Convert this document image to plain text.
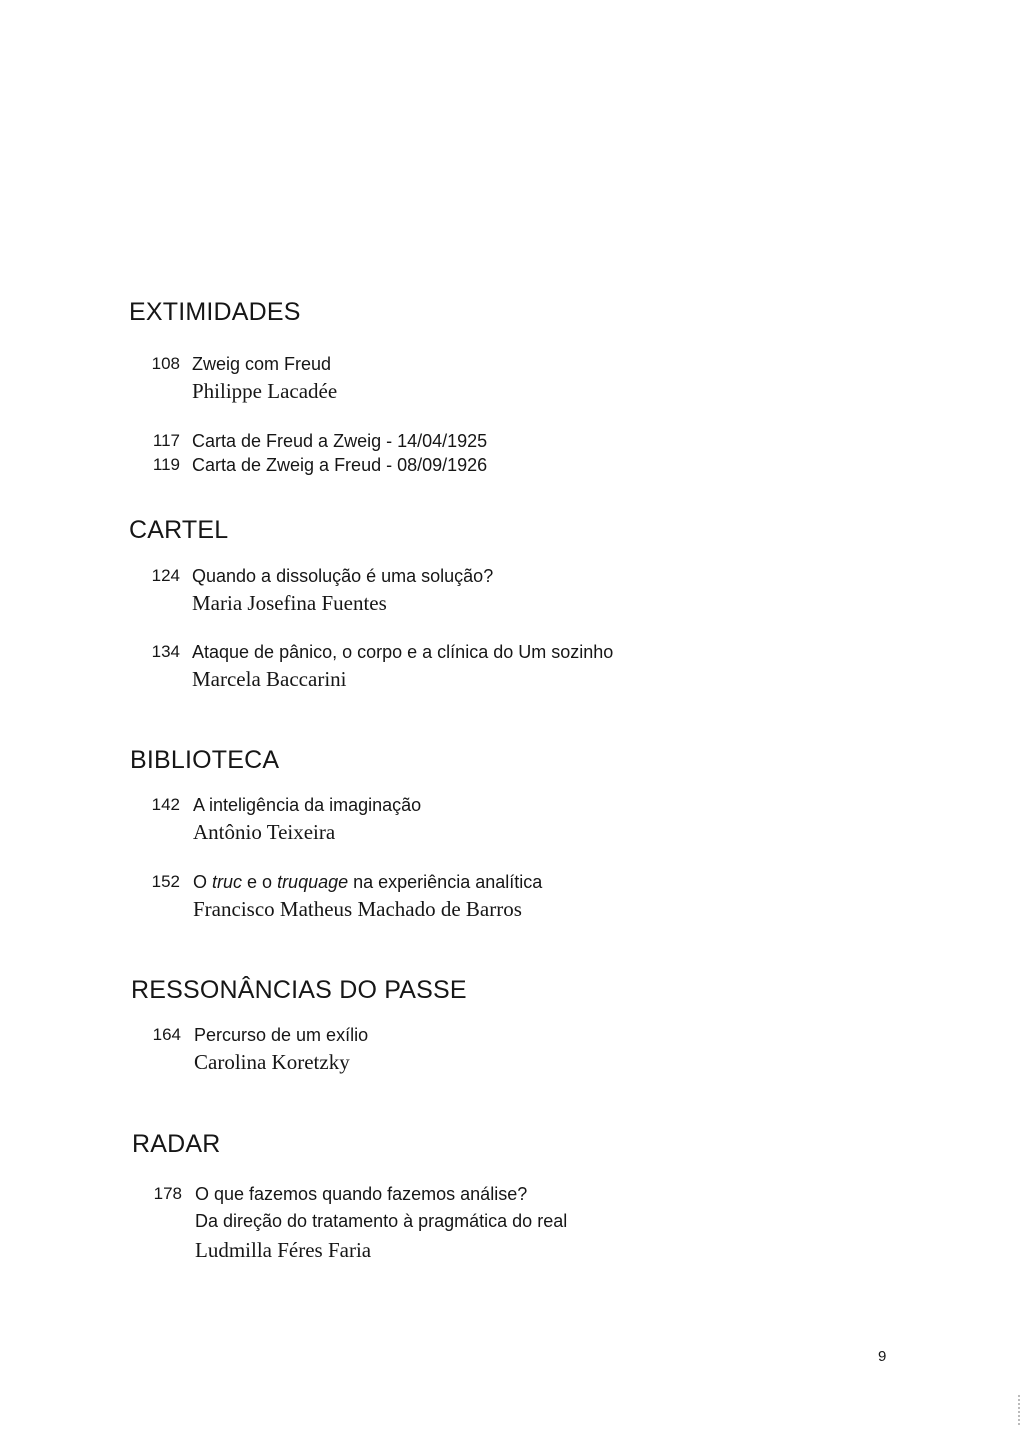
EXTIMIDADES
108 Zweig com Freud
Philippe Lacadée
117 Carta de Freud a Zweig - 14/04/1925
119 Carta de Zweig a Freud - 08/09/1926
CARTEL
124 Quando a dissolução é uma solução?
Maria Josefina Fuentes
134 Ataque de pânico, o corpo e a clínica do Um sozinho
Marcela Baccarini
BIBLIOTECA
142 A inteligência da imaginação
Antônio Teixeira
152 O truc e o truquage na experiência analítica
Francisco Matheus Machado de Barros
RESSONÂNCIAS DO PASSE
164 Percurso de um exílio
Carolina Koretzky
RADAR
178 O que fazemos quando fazemos análise?
Da direção do tratamento à pragmática do real
Ludmilla Féres Faria
9
